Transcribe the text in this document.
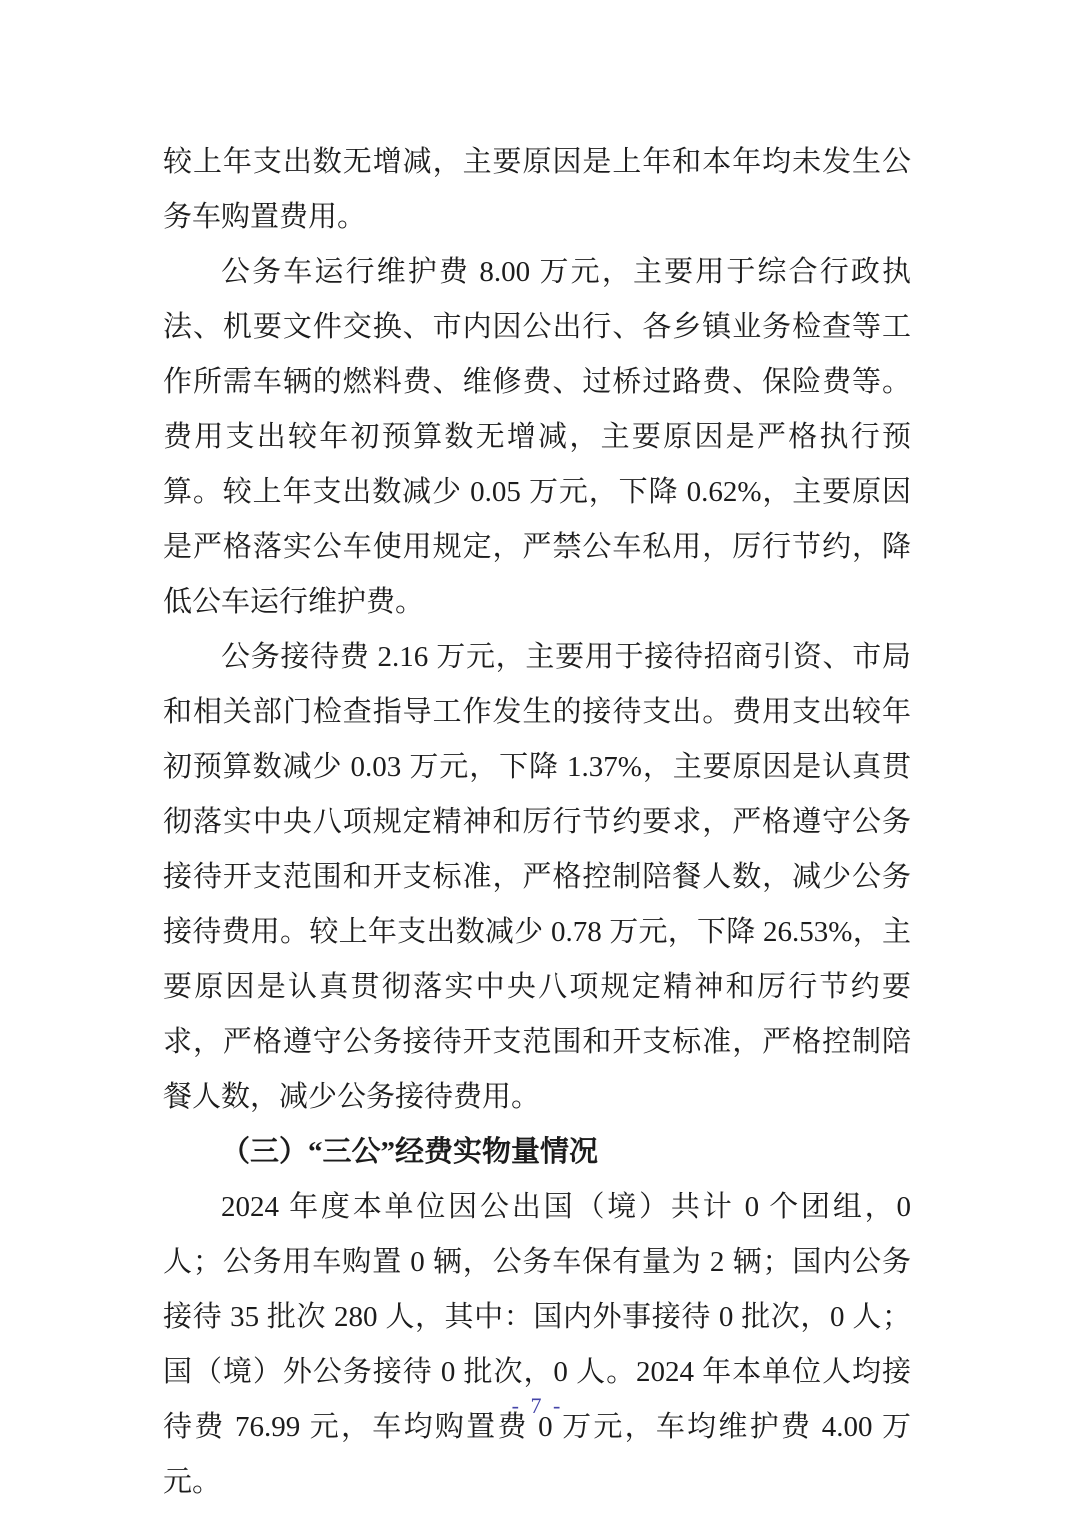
较上年支出数无增减，主要原因是上年和本年均未发生公务车购置费用。

公务车运行维护费 8.00 万元，主要用于综合行政执法、机要文件交换、市内因公出行、各乡镇业务检查等工作所需车辆的燃料费、维修费、过桥过路费、保险费等。费用支出较年初预算数无增减，主要原因是严格执行预算。较上年支出数减少 0.05 万元，下降 0.62%，主要原因是严格落实公车使用规定，严禁公车私用，厉行节约，降低公车运行维护费。

公务接待费 2.16 万元，主要用于接待招商引资、市局和相关部门检查指导工作发生的接待支出。费用支出较年初预算数减少 0.03 万元，下降 1.37%，主要原因是认真贯彻落实中央八项规定精神和厉行节约要求，严格遵守公务接待开支范围和开支标准，严格控制陪餐人数，减少公务接待费用。较上年支出数减少 0.78 万元，下降 26.53%，主要原因是认真贯彻落实中央八项规定精神和厉行节约要求，严格遵守公务接待开支范围和开支标准，严格控制陪餐人数，减少公务接待费用。

（三）“三公”经费实物量情况

2024 年度本单位因公出国（境）共计 0 个团组，0 人；公务用车购置 0 辆，公务车保有量为 2 辆；国内公务接待 35 批次 280 人，其中：国内外事接待 0 批次，0 人；国（境）外公务接待 0 批次，0 人。2024 年本单位人均接待费 76.99 元，车均购置费 0 万元，车均维护费 4.00 万元。

- 7 -
